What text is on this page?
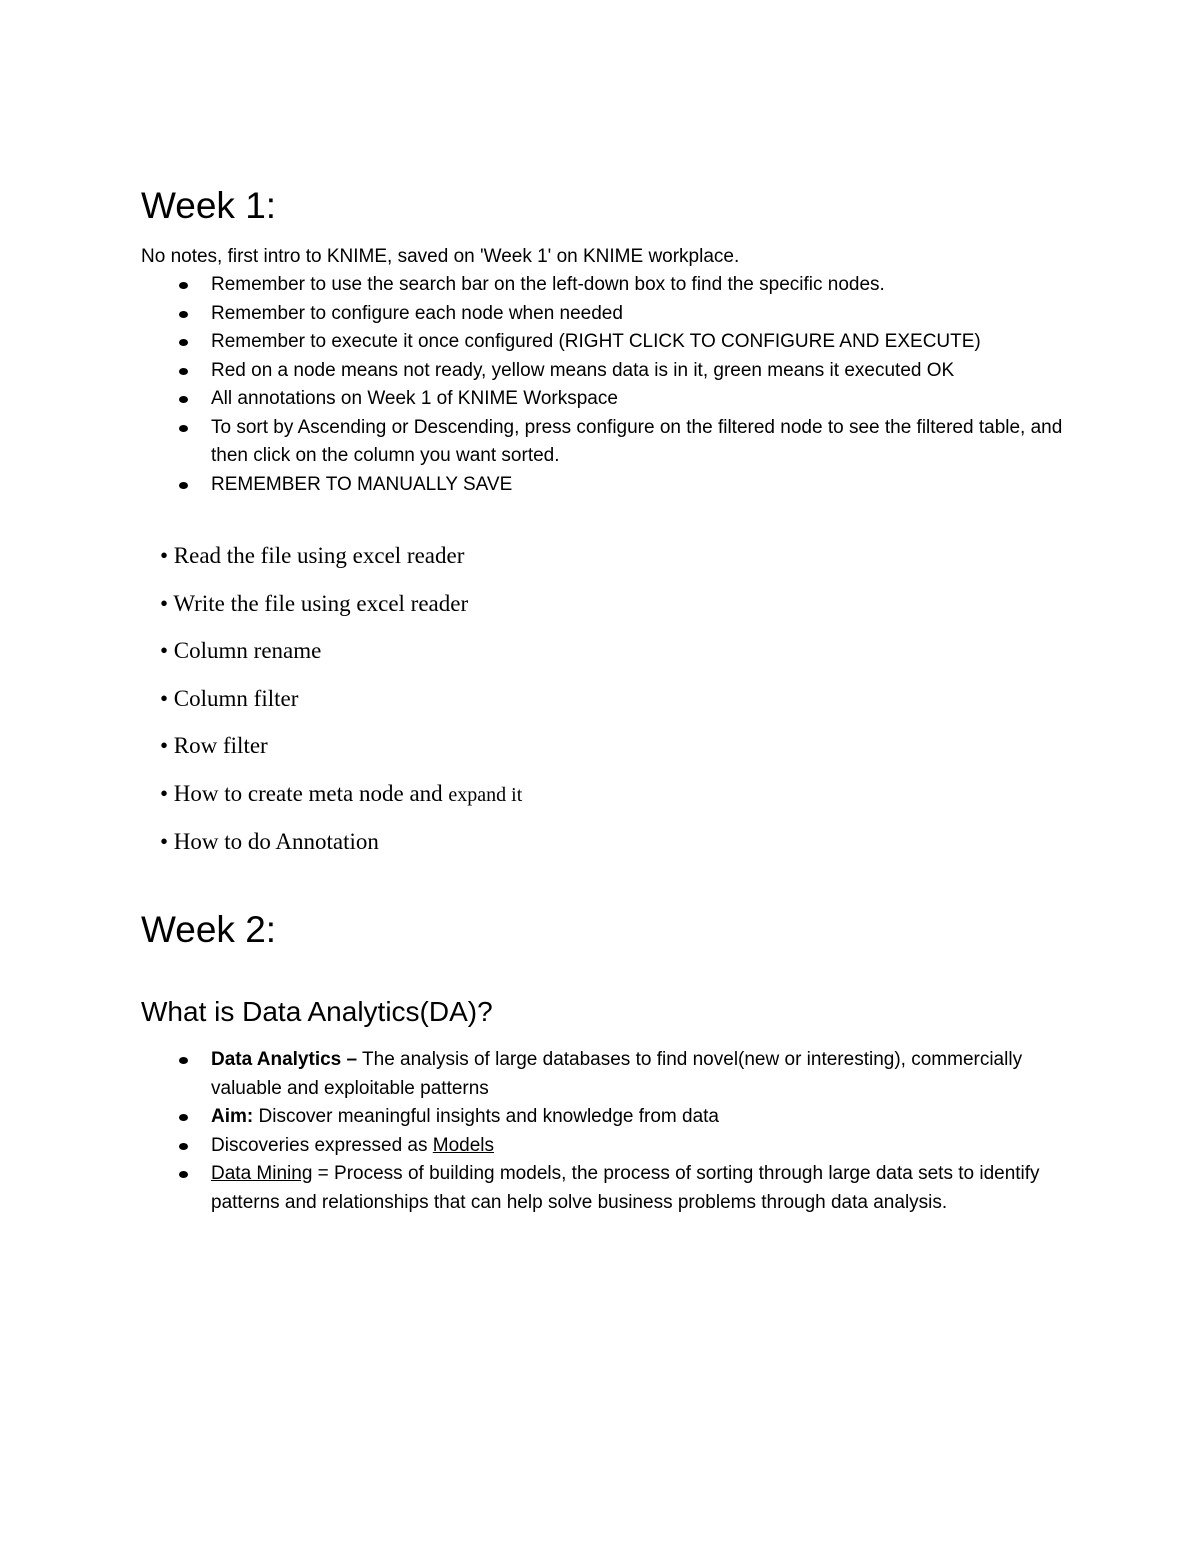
Week 1:

No notes, first intro to KNIME, saved on 'Week 1' on KNIME workplace.

Remember to use the search bar on the left-down box to find the specific nodes.
Remember to configure each node when needed
Remember to execute it once configured (RIGHT CLICK TO CONFIGURE AND EXECUTE)
Red on a node means not ready, yellow means data is in it, green means it executed OK
All annotations on Week 1 of KNIME Workspace
To sort by Ascending or Descending, press configure on the filtered node to see the filtered table, and then click on the column you want sorted.
REMEMBER TO MANUALLY SAVE
• Read the file using excel reader
• Write the file using excel reader
• Column rename
• Column filter
• Row filter
• How to create meta node and expand it
• How to do Annotation
Week 2:
What is Data Analytics(DA)?
Data Analytics – The analysis of large databases to find novel(new or interesting), commercially valuable and exploitable patterns
Aim: Discover meaningful insights and knowledge from data
Discoveries expressed as Models
Data Mining = Process of building models, the process of sorting through large data sets to identify patterns and relationships that can help solve business problems through data analysis.
